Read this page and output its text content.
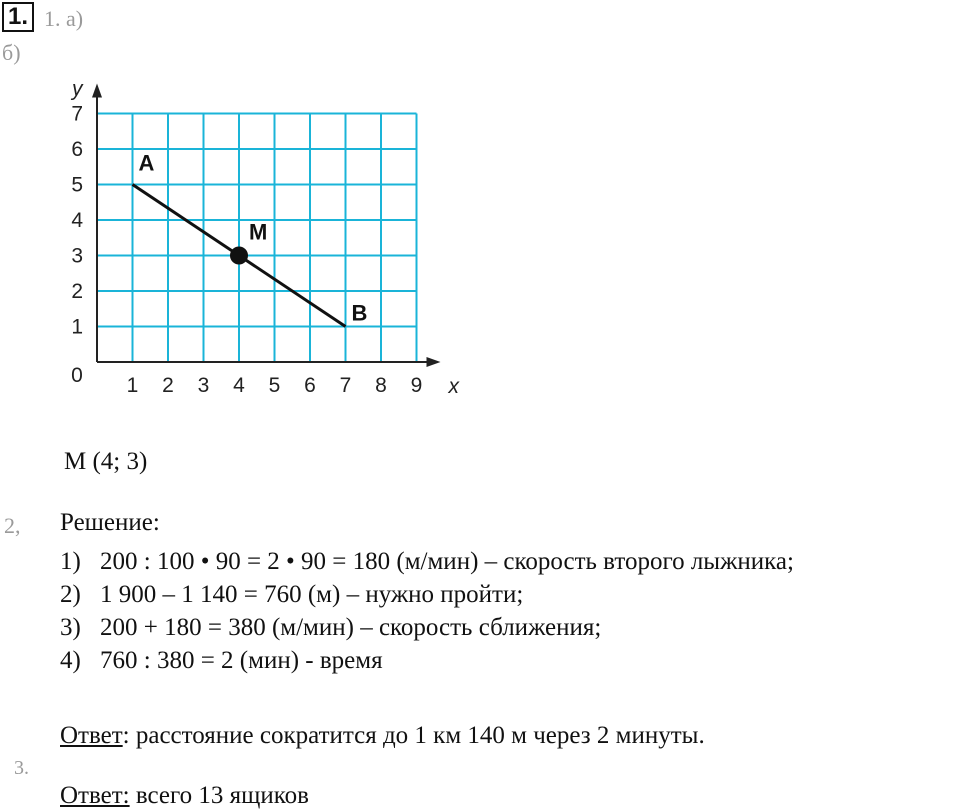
1. 1. а)
б)
0 1 2 3 4 5 6 7 8 9
1
2
3
4
5
6
7
x
y
A
M
B
M (4; 3)
2, Решение:
1) 200 : 100 • 90 = 2 • 90 = 180 (м/мин) – скорость второго лыжника;
2) 1 900 – 1 140 = 760 (м) – нужно пройти;
3) 200 + 180 = 380 (м/мин) – скорость сближения;
4) 760 : 380 = 2 (мин) - время
Ответ: расстояние сократится до 1 км 140 м через 2 минуты.
3.
Ответ: всего 13 ящиков
